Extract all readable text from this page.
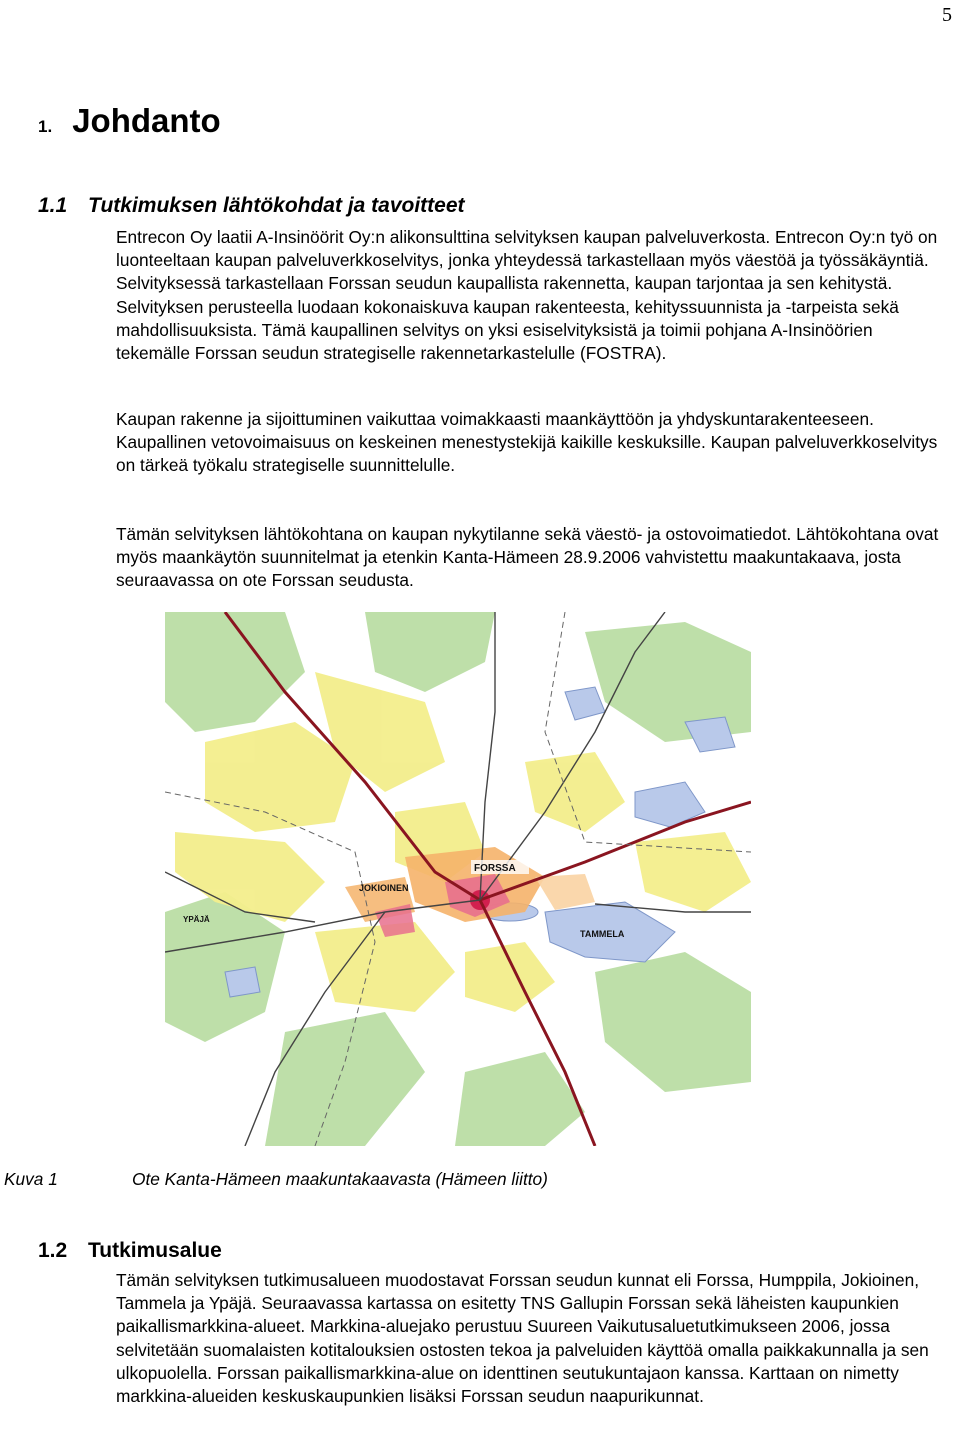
5
1. Johdanto
1.1 Tutkimuksen lähtökohdat ja tavoitteet

Entrecon Oy laatii A-Insinöörit Oy:n alikonsulttina selvityksen kaupan palveluverkosta. Entrecon Oy:n työ on luonteeltaan kaupan palveluverkkoselvitys, jonka yhteydessä tarkastellaan myös väestöä ja työssäkäyntiä. Selvityksessä tarkastellaan Forssan seudun kaupallista rakennetta, kaupan tarjontaa ja sen kehitystä. Selvityksen perusteella luodaan kokonaiskuva kaupan rakenteesta, kehityssuunnista ja -tarpeista sekä mahdollisuuksista. Tämä kaupallinen selvitys on yksi esiselvityksistä ja toimii pohjana A-Insinöörien tekemälle Forssan seudun strategiselle rakennetarkastelulle (FOSTRA).

Kaupan rakenne ja sijoittuminen vaikuttaa voimakkaasti maankäyttöön ja yhdyskuntarakenteeseen. Kaupallinen vetovoimaisuus on keskeinen menestystekijä kaikille keskuksille. Kaupan palveluverkkoselvitys on tärkeä työkalu strategiselle suunnittelulle.

Tämän selvityksen lähtökohtana on kaupan nykytilanne sekä väestö- ja ostovoimatiedot. Lähtökohtana ovat myös maankäytön suunnitelmat ja etenkin Kanta-Hämeen 28.9.2006 vahvistettu maakuntakaava, josta seuraavassa on ote Forssan seudusta.

FORSSA
JOKIOINEN
TAMMELA
YPÄJÄ
Kuva 1	Ote Kanta-Hämeen maakuntakaavasta (Hämeen liitto)
1.2 Tutkimusalue

Tämän selvityksen tutkimusalueen muodostavat Forssan seudun kunnat eli Forssa, Humppila, Jokioinen, Tammela ja Ypäjä. Seuraavassa kartassa on esitetty TNS Gallupin Forssan sekä läheisten kaupunkien paikallismarkkina-alueet. Markkina-aluejako perustuu Suureen Vaikutusaluetutkimukseen 2006, jossa selvitetään suomalaisten kotitalouksien ostosten tekoa ja palveluiden käyttöä omalla paikkakunnalla ja sen ulkopuolella. Forssan paikallismarkkina-alue on identtinen seutukuntajaon kanssa. Karttaan on nimetty markkina-alueiden keskuskaupunkien lisäksi Forssan seudun naapurikunnat.
